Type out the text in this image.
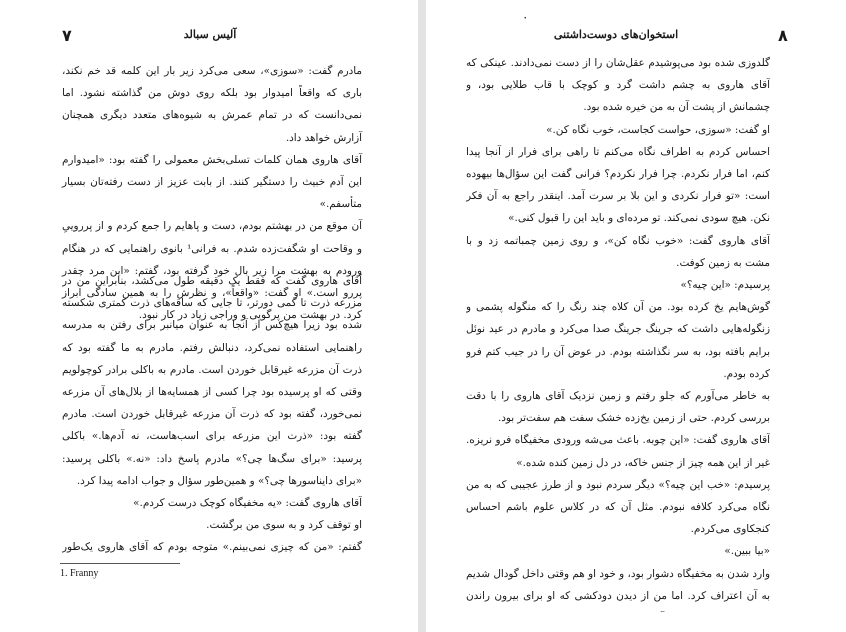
۷	آلیس سبالد

مادرم گفت: «سوزی»، سعی می‌کرد زیر بار این کلمه قد خم نکند، باری که واقعاً امیدوار بود بلکه روی دوش من گذاشته نشود. اما نمی‌دانست که در تمام عمرش به شیوه‌های متعدد دیگری همچنان آزارش خواهد داد.

آقای هاروی همان کلمات تسلی‌بخش معمولی را گفته بود: «امیدوارم این آدم خبیث را دستگیر کنند. از بابت عزیز از دست رفته‌تان بسیار متأسفم.»

آن موقع من در بهشتم بودم، دست و پاهایم را جمع کردم و از پرروییِ و وقاحت او شگفت‌زده شدم. به فرانی¹ بانوی راهنمایی که در هنگام ورودم به بهشت مرا زیر بال خود گرفته بود، گفتم: «این مرد چقدر پررو است.» او گفت: «واقعاً»، و نظرش را به همین سادگی ابراز کرد. در بهشت من پرگویی و وراجی زیاد در کار نبود.

آقای هاروی گفت که فقط یک دقیقه طول می‌کشد، بنابراین من در مزرعه ذرت تا کمی دورتر، تا جایی که ساقه‌های ذرت کمتری شکسته شده بود زیرا هیچ‌کس از آنجا به عنوان میانبر برای رفتن به مدرسه راهنمایی استفاده نمی‌کرد، دنبالش رفتم. مادرم به ما گفته بود که ذرت آن مزرعه غیرقابل خوردن است. مادرم به باکلی برادر کوچولویم وقتی که او پرسیده بود چرا کسی از همسایه‌ها از بلال‌های آن مزرعه نمی‌خورد، گفته بود که ذرت آن مزرعه غیرقابل خوردن است. مادرم گفته بود: «ذرت این مزرعه برای اسب‌هاست، نه آدم‌ها.» باکلی پرسید: «برای سگ‌ها چی؟» مادرم پاسخ داد: «نه.» باکلی پرسید: «برای دایناسورها چی؟» و همین‌طور سؤال و جواب ادامه پیدا کرد.

آقای هاروی گفت: «یه مخفیگاه کوچک درست کردم.»

او توقف کرد و به سوی من برگشت.

گفتم: «من که چیزی نمی‌بینم.» متوجه بودم که آقای هاروی یک‌طور

1. Franny
۰
استخوان‌های دوست‌داشتنی	۸

گلدوزی شده بود می‌پوشیدم عقل‌شان را از دست نمی‌دادند. عینکی که آقای هاروی به چشم داشت گرد و کوچک با قاب طلایی بود، و چشمانش از پشت آن به من خیره شده بود.

او گفت: «سوزی، حواست کجاست، خوب نگاه کن.»

احساس کردم به اطراف نگاه می‌کنم تا راهی برای فرار از آنجا پیدا کنم، اما فرار نکردم. چرا فرار نکردم؟ فرانی گفت این سؤال‌ها بیهوده است: «تو فرار نکردی و این بلا بر سرت آمد. اینقدر راجع به آن فکر نکن. هیچ سودی نمی‌کند. تو مرده‌ای و باید این را قبول کنی.»

آقای هاروی گفت: «خوب نگاه کن»، و روی زمین چمباتمه زد و با مشت به زمین کوفت.

پرسیدم: «این چیه؟»

گوش‌هایم یخ کرده بود. من آن کلاه چند رنگ را که منگوله پشمی و زنگوله‌هایی داشت که جرینگ جرینگ صدا می‌کرد و مادرم در عید نوئل برایم بافته بود، به سر نگذاشته بودم. در عوض آن را در جیب کتم فرو کرده بودم.

به خاطر می‌آورم که جلو رفتم و زمین نزدیک آقای هاروی را با دقت بررسی کردم. حتی از زمین یخ‌زده خشک سفت هم سفت‌تر بود.

آقای هاروی گفت: «این چوبه. باعث می‌شه ورودی مخفیگاه فرو نریزه. غیر از این همه چیز از جنس خاکه، در دل زمین کنده شده.»

پرسیدم: «خب این چیه؟» دیگر سردم نبود و از طرز عجیبی که به من نگاه می‌کرد کلافه نبودم. مثل آن که در کلاس علوم باشم احساس کنجکاوی می‌کردم.

«بیا ببین.»

وارد شدن به مخفیگاه دشوار بود، و خود او هم وقتی داخل گودال شدیم به آن اعتراف کرد. اما من از دیدن دودکشی که او برای بیرون راندن
